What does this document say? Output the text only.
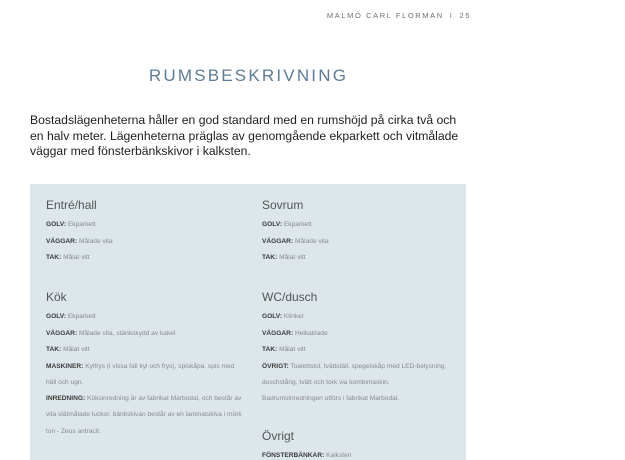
MALMÖ CARL FLORMAN I 25
RUMSBESKRIVNING

Bostadslägenheterna håller en god standard med en rumshöjd på cirka två och en halv meter. Lägenheterna präglas av genomgående ekparkett och vitmålade väggar med fönsterbänkskivor i kalksten.

Entré/hall
GOLV: Ekparkett
VÄGGAR: Målade vita
TAK: Målat vitt
Sovrum
GOLV: Ekparkett
VÄGGAR: Målade vita
TAK: Målat vitt
Kök
GOLV: Ekparkett
VÄGGAR: Målade vita, stänkskydd av kakel
TAK: Målat vitt
MASKINER: Kylfrys (i vissa fall kyl och frys), spiskåpa, spis med häll och ugn.
INREDNING: Köksinredning är av fabrikat Marbodal, och består av vita slätmålade luckor, bänkskivan består av en laminatskiva i mörk ton - Zeus antracit.
WC/dusch
GOLV: Klinker
VÄGGAR: Helkaklade
TAK: Målat vitt
ÖVRIGT: Toalettstol, tvättställ, spegelskåp med LED-belysning, duschstång, tvätt och tork via kombimaskin. Badrumsinredningen utförs i fabrikat Marbodal.
Övrigt
FÖNSTERBÄNKAR: Kalksten
